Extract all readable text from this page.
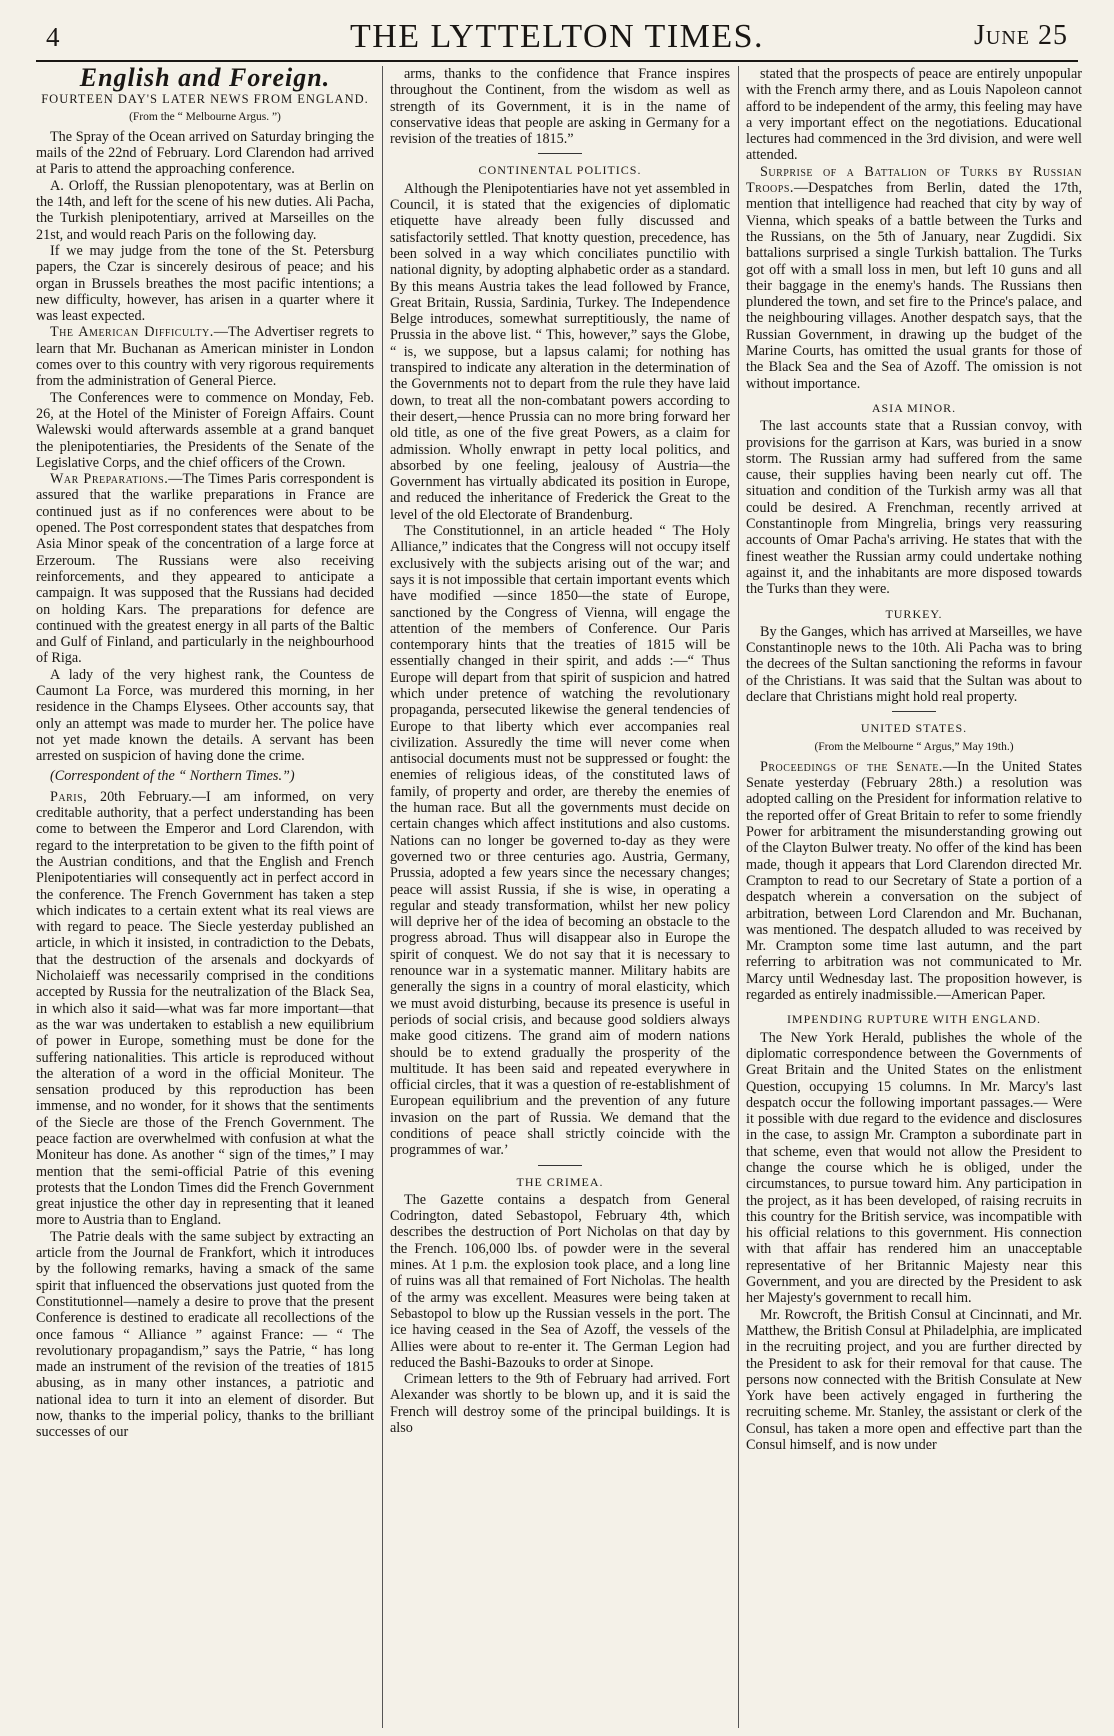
4	THE LYTTELTON TIMES.	June 25
English and Foreign.
FOURTEEN DAY'S LATER NEWS FROM ENGLAND.
(From the “ Melbourne Argus. ”)

The Spray of the Ocean arrived on Saturday bringing the mails of the 22nd of February. Lord Clarendon had arrived at Paris to attend the approaching conference.

A. Orloff, the Russian plenopotentary, was at Berlin on the 14th, and left for the scene of his new duties. Ali Pacha, the Turkish plenipotentiary, arrived at Marseilles on the 21st, and would reach Paris on the following day.

If we may judge from the tone of the St. Petersburg papers, the Czar is sincerely desirous of peace; and his organ in Brussels breathes the most pacific intentions; a new difficulty, however, has arisen in a quarter where it was least expected.

The American Difficulty.—The Advertiser regrets to learn that Mr. Buchanan as American minister in London comes over to this country with very rigorous requirements from the administration of General Pierce.

The Conferences were to commence on Monday, Feb. 26, at the Hotel of the Minister of Foreign Affairs. Count Walewski would afterwards assemble at a grand banquet the plenipotentiaries, the Presidents of the Senate of the Legislative Corps, and the chief officers of the Crown.

War Preparations.—The Times Paris correspondent is assured that the warlike preparations in France are continued just as if no conferences were about to be opened. The Post correspondent states that despatches from Asia Minor speak of the concentration of a large force at Erzeroum. The Russians were also receiving reinforcements, and they appeared to anticipate a campaign. It was supposed that the Russians had decided on holding Kars. The preparations for defence are continued with the greatest energy in all parts of the Baltic and Gulf of Finland, and particularly in the neighbourhood of Riga.

A lady of the very highest rank, the Countess de Caumont La Force, was murdered this morning, in her residence in the Champs Elysees. Other accounts say, that only an attempt was made to murder her. The police have not yet made known the details. A servant has been arrested on suspicion of having done the crime.

(Correspondent of the “ Northern Times.”)

Paris, 20th February.—I am informed, on very creditable authority, that a perfect understanding has been come to between the Emperor and Lord Clarendon, with regard to the interpretation to be given to the fifth point of the Austrian conditions, and that the English and French Plenipotentiaries will consequently act in perfect accord in the conference. The French Government has taken a step which indicates to a certain extent what its real views are with regard to peace. The Siecle yesterday published an article, in which it insisted, in contradiction to the Debats, that the destruction of the arsenals and dockyards of Nicholaieff was necessarily comprised in the conditions accepted by Russia for the neutralization of the Black Sea, in which also it said—what was far more important—that as the war was undertaken to establish a new equilibrium of power in Europe, something must be done for the suffering nationalities. This article is reproduced without the alteration of a word in the official Moniteur. The sensation produced by this reproduction has been immense, and no wonder, for it shows that the sentiments of the Siecle are those of the French Government. The peace faction are overwhelmed with confusion at what the Moniteur has done. As another “ sign of the times,” I may mention that the semi-official Patrie of this evening protests that the London Times did the French Government great injustice the other day in representing that it leaned more to Austria than to England.

The Patrie deals with the same subject by extracting an article from the Journal de Frankfort, which it introduces by the following remarks, having a smack of the same spirit that influenced the observations just quoted from the Constitutionnel—namely a desire to prove that the present Conference is destined to eradicate all recollections of the once famous “ Alliance ” against France: — “ The revolutionary propagandism,” says the Patrie, “ has long made an instrument of the revision of the treaties of 1815 abusing, as in many other instances, a patriotic and national idea to turn it into an element of disorder. But now, thanks to the imperial policy, thanks to the brilliant successes of our

arms, thanks to the confidence that France inspires throughout the Continent, from the wisdom as well as strength of its Government, it is in the name of conservative ideas that people are asking in Germany for a revision of the treaties of 1815.”

CONTINENTAL POLITICS.

Although the Plenipotentiaries have not yet assembled in Council, it is stated that the exigencies of diplomatic etiquette have already been fully discussed and satisfactorily settled. That knotty question, precedence, has been solved in a way which conciliates punctilio with national dignity, by adopting alphabetic order as a standard. By this means Austria takes the lead followed by France, Great Britain, Russia, Sardinia, Turkey. The Independence Belge introduces, somewhat surreptitiously, the name of Prussia in the above list. “ This, however,” says the Globe, “ is, we suppose, but a lapsus calami; for nothing has transpired to indicate any alteration in the determination of the Governments not to depart from the rule they have laid down, to treat all the non-combatant powers according to their desert,—hence Prussia can no more bring forward her old title, as one of the five great Powers, as a claim for admission. Wholly enwrapt in petty local politics, and absorbed by one feeling, jealousy of Austria—the Government has virtually abdicated its position in Europe, and reduced the inheritance of Frederick the Great to the level of the old Electorate of Brandenburg.

The Constitutionnel, in an article headed “ The Holy Alliance,” indicates that the Congress will not occupy itself exclusively with the subjects arising out of the war; and says it is not impossible that certain important events which have modified —since 1850—the state of Europe, sanctioned by the Congress of Vienna, will engage the attention of the members of Conference. Our Paris contemporary hints that the treaties of 1815 will be essentially changed in their spirit, and adds :—“ Thus Europe will depart from that spirit of suspicion and hatred which under pretence of watching the revolutionary propaganda, persecuted likewise the general tendencies of Europe to that liberty which ever accompanies real civilization. Assuredly the time will never come when antisocial documents must not be suppressed or fought: the enemies of religious ideas, of the constituted laws of family, of property and order, are thereby the enemies of the human race. But all the governments must decide on certain changes which affect institutions and also customs. Nations can no longer be governed to-day as they were governed two or three centuries ago. Austria, Germany, Prussia, adopted a few years since the necessary changes; peace will assist Russia, if she is wise, in operating a regular and steady transformation, whilst her new policy will deprive her of the idea of becoming an obstacle to the progress abroad. Thus will disappear also in Europe the spirit of conquest. We do not say that it is necessary to renounce war in a systematic manner. Military habits are generally the signs in a country of moral elasticity, which we must avoid disturbing, because its presence is useful in periods of social crisis, and because good soldiers always make good citizens. The grand aim of modern nations should be to extend gradually the prosperity of the multitude. It has been said and repeated everywhere in official circles, that it was a question of re-establishment of European equilibrium and the prevention of any future invasion on the part of Russia. We demand that the conditions of peace shall strictly coincide with the programmes of war.’

THE CRIMEA.

The Gazette contains a despatch from General Codrington, dated Sebastopol, February 4th, which describes the destruction of Port Nicholas on that day by the French. 106,000 lbs. of powder were in the several mines. At 1 p.m. the explosion took place, and a long line of ruins was all that remained of Fort Nicholas. The health of the army was excellent. Measures were being taken at Sebastopol to blow up the Russian vessels in the port. The ice having ceased in the Sea of Azoff, the vessels of the Allies were about to re-enter it. The German Legion had reduced the Bashi-Bazouks to order at Sinope.

Crimean letters to the 9th of February had arrived. Fort Alexander was shortly to be blown up, and it is said the French will destroy some of the principal buildings. It is also

stated that the prospects of peace are entirely unpopular with the French army there, and as Louis Napoleon cannot afford to be independent of the army, this feeling may have a very important effect on the negotiations. Educational lectures had commenced in the 3rd division, and were well attended.

Surprise of a Battalion of Turks by Russian Troops.—Despatches from Berlin, dated the 17th, mention that intelligence had reached that city by way of Vienna, which speaks of a battle between the Turks and the Russians, on the 5th of January, near Zugdidi. Six battalions surprised a single Turkish battalion. The Turks got off with a small loss in men, but left 10 guns and all their baggage in the enemy's hands. The Russians then plundered the town, and set fire to the Prince's palace, and the neighbouring villages. Another despatch says, that the Russian Government, in drawing up the budget of the Marine Courts, has omitted the usual grants for those of the Black Sea and the Sea of Azoff. The omission is not without importance.

ASIA MINOR.

The last accounts state that a Russian convoy, with provisions for the garrison at Kars, was buried in a snow storm. The Russian army had suffered from the same cause, their supplies having been nearly cut off. The situation and condition of the Turkish army was all that could be desired. A Frenchman, recently arrived at Constantinople from Mingrelia, brings very reassuring accounts of Omar Pacha's arriving. He states that with the finest weather the Russian army could undertake nothing against it, and the inhabitants are more disposed towards the Turks than they were.

TURKEY.

By the Ganges, which has arrived at Marseilles, we have Constantinople news to the 10th. Ali Pacha was to bring the decrees of the Sultan sanctioning the reforms in favour of the Christians. It was said that the Sultan was about to declare that Christians might hold real property.

UNITED STATES.
(From the Melbourne “ Argus,” May 19th.)

Proceedings of the Senate.—In the United States Senate yesterday (February 28th.) a resolution was adopted calling on the President for information relative to the reported offer of Great Britain to refer to some friendly Power for arbitrament the misunderstanding growing out of the Clayton Bulwer treaty. No offer of the kind has been made, though it appears that Lord Clarendon directed Mr. Crampton to read to our Secretary of State a portion of a despatch wherein a conversation on the subject of arbitration, between Lord Clarendon and Mr. Buchanan, was mentioned. The despatch alluded to was received by Mr. Crampton some time last autumn, and the part referring to arbitration was not communicated to Mr. Marcy until Wednesday last. The proposition however, is regarded as entirely inadmissible.—American Paper.

IMPENDING RUPTURE WITH ENGLAND.

The New York Herald, publishes the whole of the diplomatic correspondence between the Governments of Great Britain and the United States on the enlistment Question, occupying 15 columns. In Mr. Marcy's last despatch occur the following important passages.— Were it possible with due regard to the evidence and disclosures in the case, to assign Mr. Crampton a subordinate part in that scheme, even that would not allow the President to change the course which he is obliged, under the circumstances, to pursue toward him. Any participation in the project, as it has been developed, of raising recruits in this country for the British service, was incompatible with his official relations to this government. His connection with that affair has rendered him an unacceptable representative of her Britannic Majesty near this Government, and you are directed by the President to ask her Majesty's government to recall him.

Mr. Rowcroft, the British Consul at Cincinnati, and Mr. Matthew, the British Consul at Philadelphia, are implicated in the recruiting project, and you are further directed by the President to ask for their removal for that cause. The persons now connected with the British Consulate at New York have been actively engaged in furthering the recruiting scheme. Mr. Stanley, the assistant or clerk of the Consul, has taken a more open and effective part than the Consul himself, and is now under
